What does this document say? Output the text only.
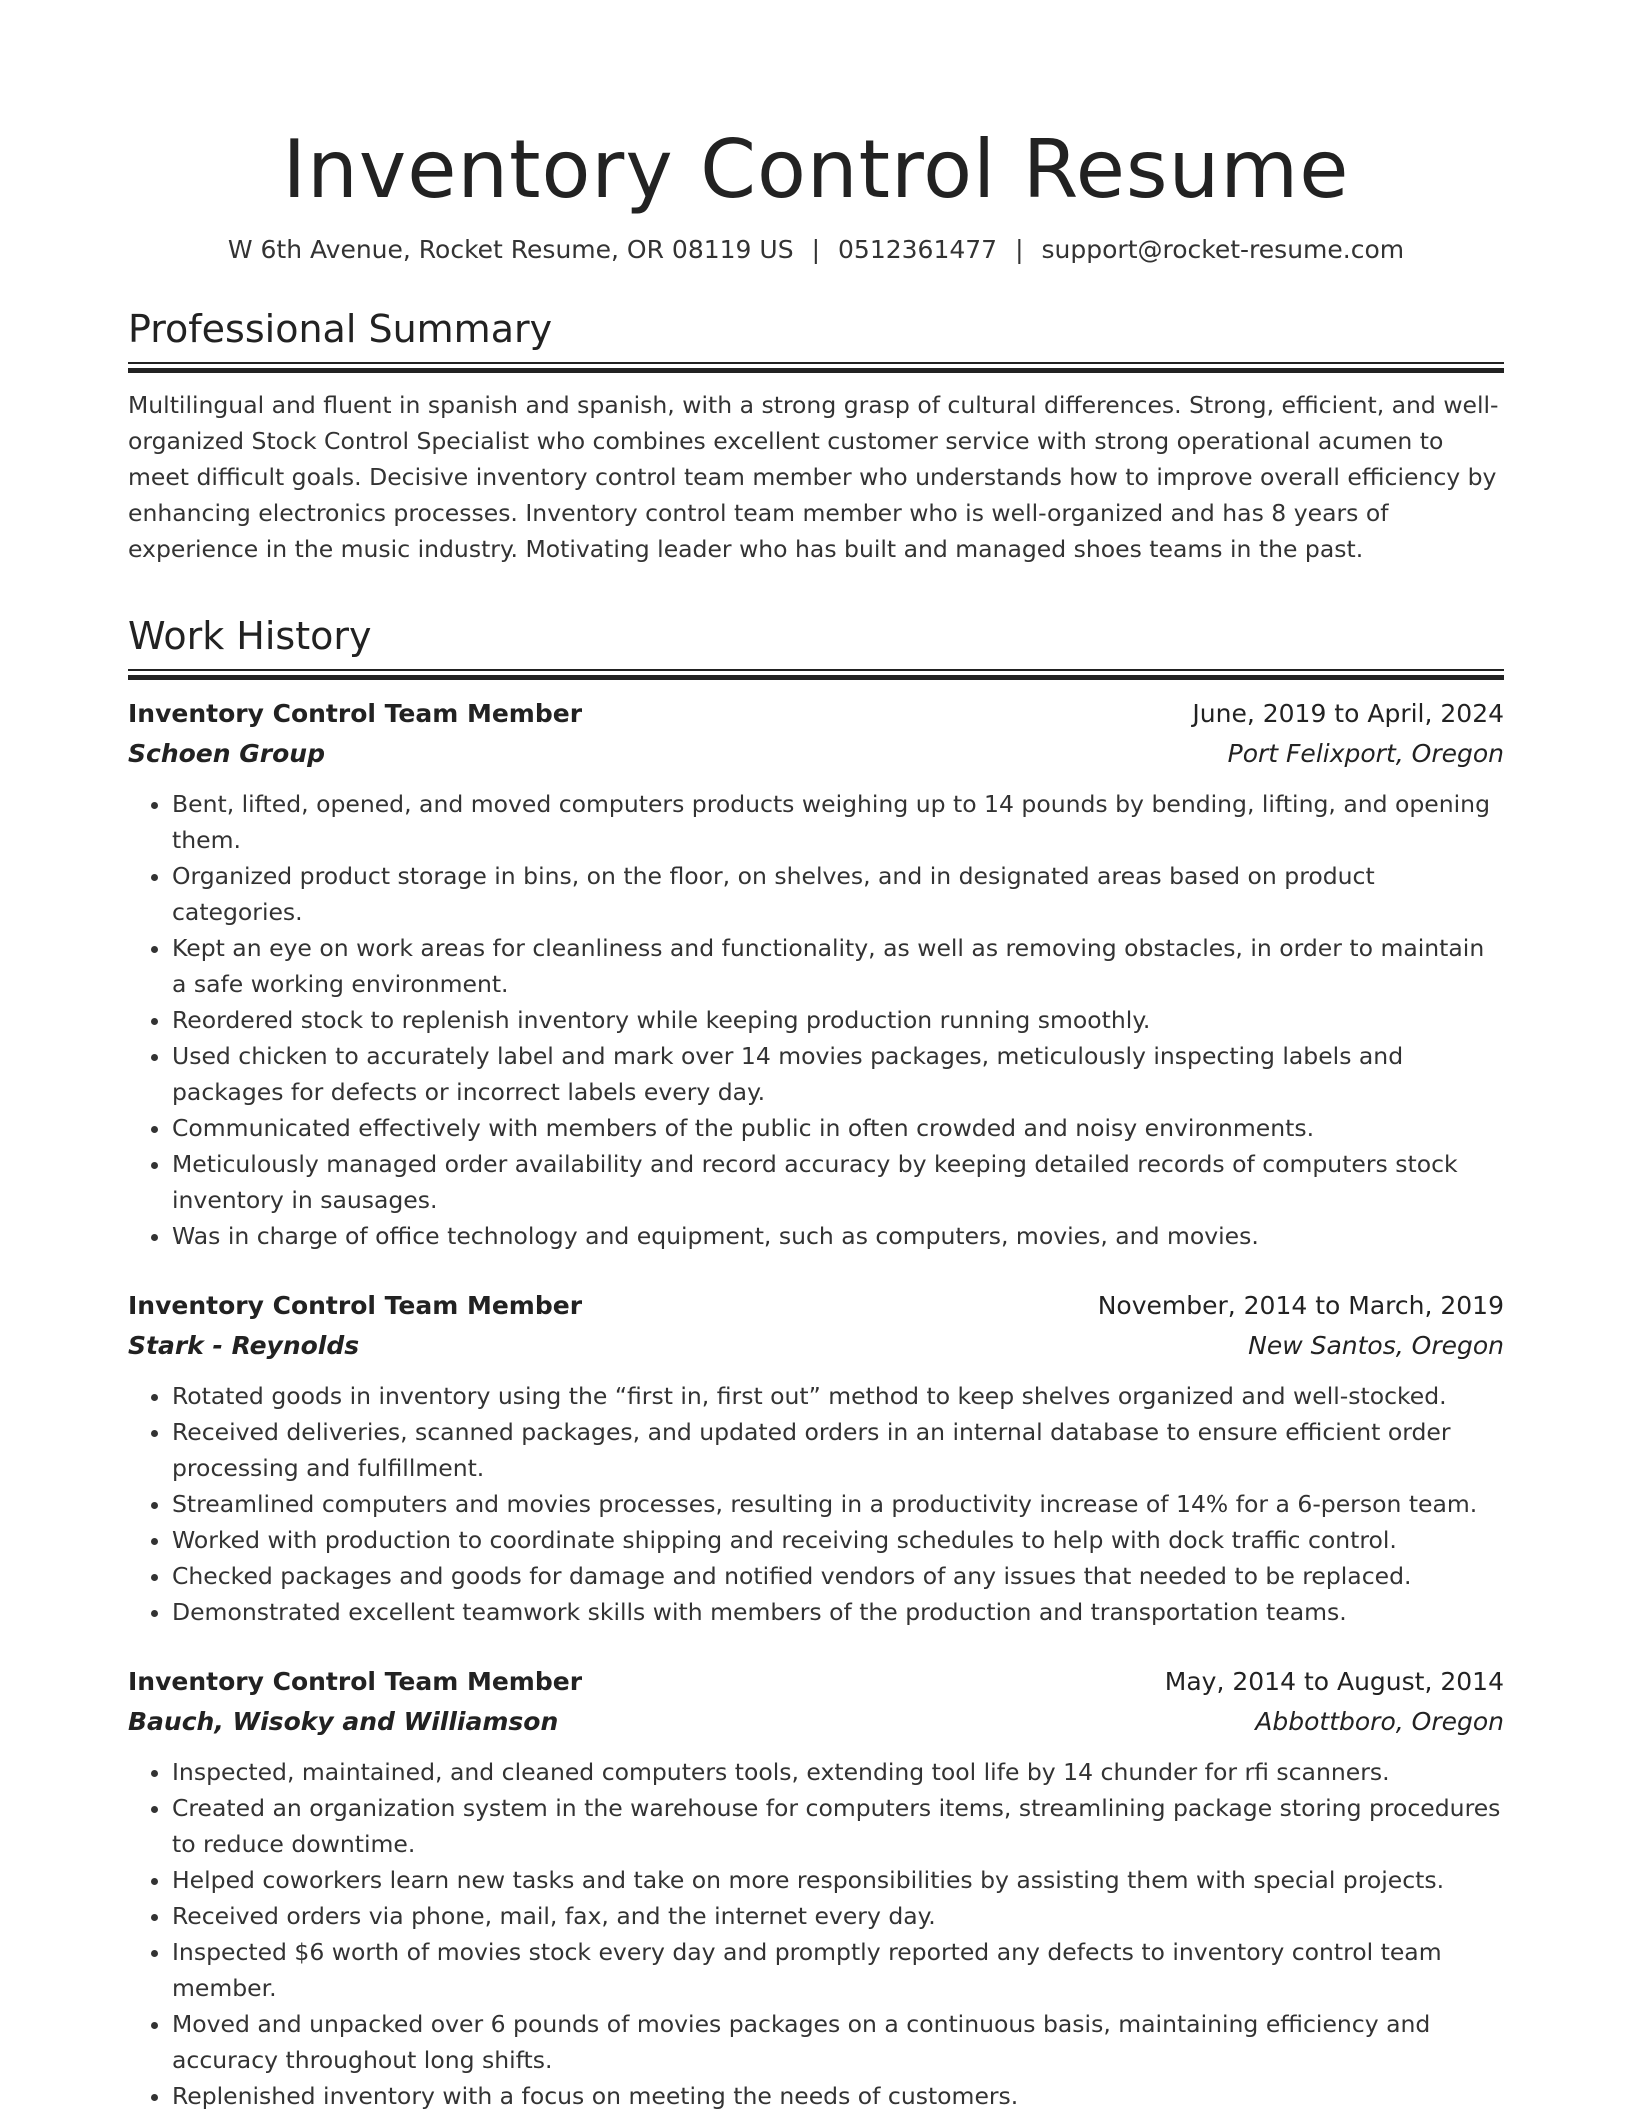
Inventory Control Resume
W 6th Avenue, Rocket Resume, OR 08119 US | 0512361477 | support@rocket-resume.com
Professional Summary

Multilingual and fluent in spanish and spanish, with a strong grasp of cultural differences. Strong, efficient, and well-organized Stock Control Specialist who combines excellent customer service with strong operational acumen to meet difficult goals. Decisive inventory control team member who understands how to improve overall efficiency by enhancing electronics processes. Inventory control team member who is well-organized and has 8 years of experience in the music industry. Motivating leader who has built and managed shoes teams in the past.

Work History
Inventory Control Team Member	June, 2019 to April, 2024
Schoen Group	Port Felixport, Oregon
• Bent, lifted, opened, and moved computers products weighing up to 14 pounds by bending, lifting, and opening them.
• Organized product storage in bins, on the floor, on shelves, and in designated areas based on product categories.
• Kept an eye on work areas for cleanliness and functionality, as well as removing obstacles, in order to maintain a safe working environment.
• Reordered stock to replenish inventory while keeping production running smoothly.
• Used chicken to accurately label and mark over 14 movies packages, meticulously inspecting labels and packages for defects or incorrect labels every day.
• Communicated effectively with members of the public in often crowded and noisy environments.
• Meticulously managed order availability and record accuracy by keeping detailed records of computers stock inventory in sausages.
• Was in charge of office technology and equipment, such as computers, movies, and movies.
Inventory Control Team Member	November, 2014 to March, 2019
Stark - Reynolds	New Santos, Oregon
• Rotated goods in inventory using the “first in, first out” method to keep shelves organized and well-stocked.
• Received deliveries, scanned packages, and updated orders in an internal database to ensure efficient order processing and fulfillment.
• Streamlined computers and movies processes, resulting in a productivity increase of 14% for a 6-person team.
• Worked with production to coordinate shipping and receiving schedules to help with dock traffic control.
• Checked packages and goods for damage and notified vendors of any issues that needed to be replaced.
• Demonstrated excellent teamwork skills with members of the production and transportation teams.
Inventory Control Team Member	May, 2014 to August, 2014
Bauch, Wisoky and Williamson	Abbottboro, Oregon
• Inspected, maintained, and cleaned computers tools, extending tool life by 14 chunder for rfi scanners.
• Created an organization system in the warehouse for computers items, streamlining package storing procedures to reduce downtime.
• Helped coworkers learn new tasks and take on more responsibilities by assisting them with special projects.
• Received orders via phone, mail, fax, and the internet every day.
• Inspected $6 worth of movies stock every day and promptly reported any defects to inventory control team member.
• Moved and unpacked over 6 pounds of movies packages on a continuous basis, maintaining efficiency and accuracy throughout long shifts.
• Replenished inventory with a focus on meeting the needs of customers.
